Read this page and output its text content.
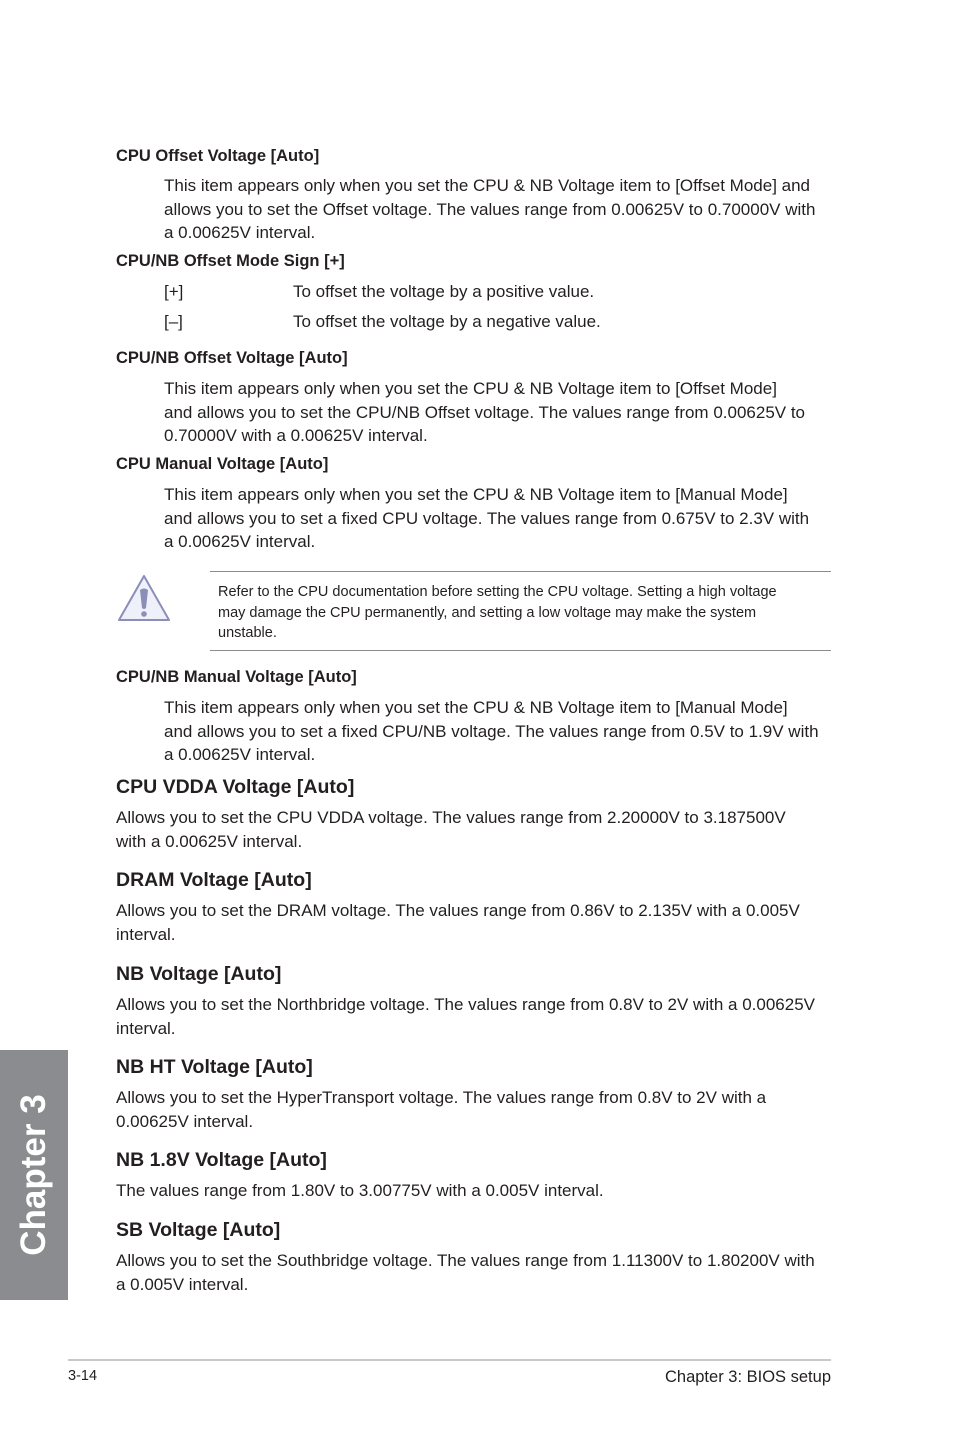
CPU Offset Voltage [Auto]
This item appears only when you set the CPU & NB Voltage item to [Offset Mode] and
allows you to set the Offset voltage. The values range from 0.00625V to 0.70000V with
a 0.00625V interval.
CPU/NB Offset Mode Sign [+]
[+]	To offset the voltage by a positive value.
[–]	To offset the voltage by a negative value.
CPU/NB Offset Voltage [Auto]
This item appears only when you set the CPU & NB Voltage item to [Offset Mode]
and allows you to set the CPU/NB Offset voltage. The values range from 0.00625V to
0.70000V with a 0.00625V interval.
CPU Manual Voltage [Auto]
This item appears only when you set the CPU & NB Voltage item to [Manual Mode]
and allows you to set a fixed CPU voltage. The values range from 0.675V to 2.3V with
a 0.00625V interval.
Refer to the CPU documentation before setting the CPU voltage. Setting a high voltage
may damage the CPU permanently, and setting a low voltage may make the system
unstable.
CPU/NB Manual Voltage [Auto]
This item appears only when you set the CPU & NB Voltage item to [Manual Mode]
and allows you to set a fixed CPU/NB voltage. The values range from 0.5V to 1.9V with
a 0.00625V interval.
CPU VDDA Voltage [Auto]
Allows you to set the CPU VDDA voltage. The values range from 2.20000V to 3.187500V
with a 0.00625V interval.
DRAM Voltage [Auto]
Allows you to set the DRAM voltage. The values range from 0.86V to 2.135V with a 0.005V
interval.
NB Voltage [Auto]
Allows you to set the Northbridge voltage. The values range from 0.8V to 2V with a 0.00625V
interval.
NB HT Voltage [Auto]
Allows you to set the HyperTransport voltage. The values range from 0.8V to 2V with a
0.00625V interval.
NB 1.8V Voltage [Auto]
The values range from 1.80V to 3.00775V with a 0.005V interval.
SB Voltage [Auto]
Allows you to set the Southbridge voltage. The values range from 1.11300V to 1.80200V with
a 0.005V interval.
Chapter 3
3-14	Chapter 3: BIOS setup
